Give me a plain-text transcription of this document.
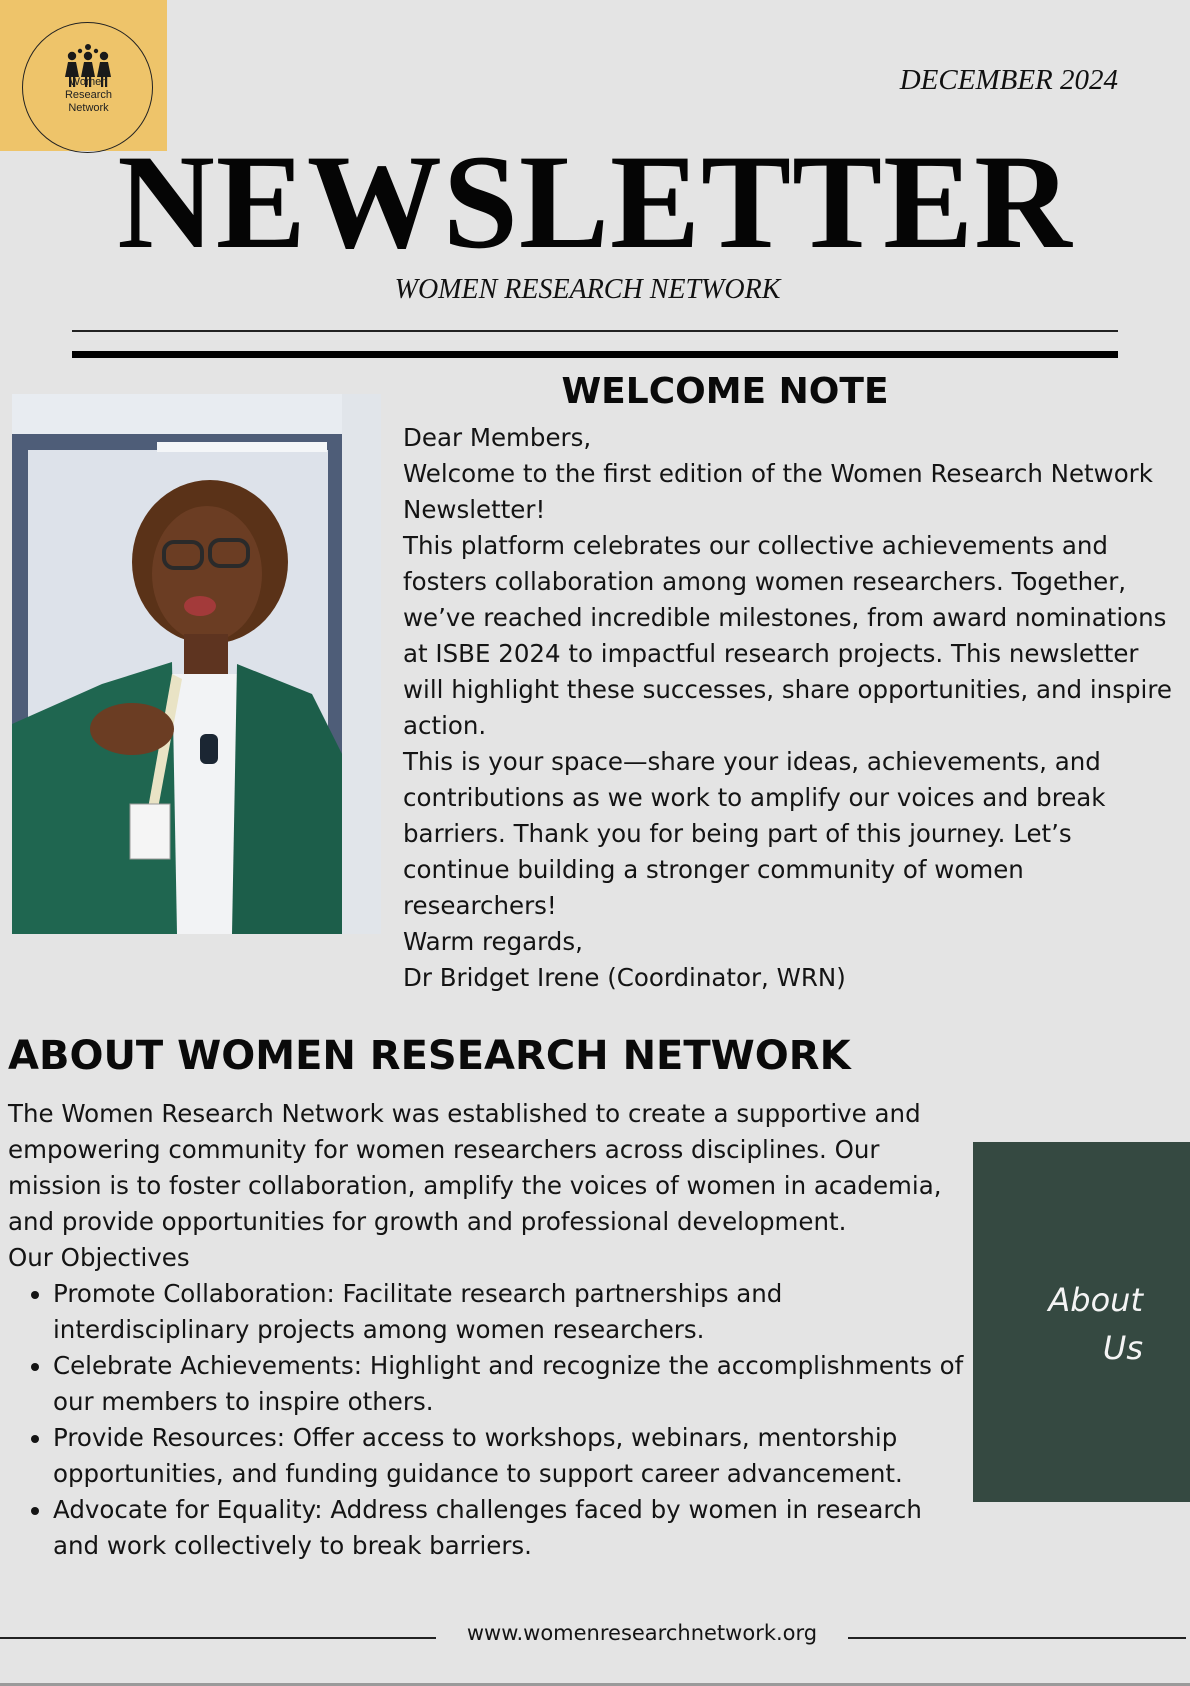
Women
Research
Network
DECEMBER 2024
NEWSLETTER
WOMEN RESEARCH NETWORK
WELCOME NOTE

Dear Members,

Welcome to the first edition of the Women Research Network Newsletter!

This platform celebrates our collective achievements and fosters collaboration among women researchers. Together, we’ve reached incredible milestones, from award nominations at ISBE 2024 to impactful research projects. This newsletter will highlight these successes, share opportunities, and inspire action.

This is your space—share your ideas, achievements, and contributions as we work to amplify our voices and break barriers. Thank you for being part of this journey. Let’s continue building a stronger community of women researchers!

Warm regards,

Dr Bridget Irene (Coordinator, WRN)

ABOUT WOMEN RESEARCH NETWORK

The Women Research Network was established to create a supportive and empowering community for women researchers across disciplines. Our mission is to foster collaboration, amplify the voices of women in academia, and provide opportunities for growth and professional development.

Our Objectives

• Promote Collaboration: Facilitate research partnerships and interdisciplinary projects among women researchers.
• Celebrate Achievements: Highlight and recognize the accomplishments of our members to inspire others.
• Provide Resources: Offer access to workshops, webinars, mentorship opportunities, and funding guidance to support career advancement.
• Advocate for Equality: Address challenges faced by women in research and work collectively to break barriers.
About
Us
www.womenresearchnetwork.org
